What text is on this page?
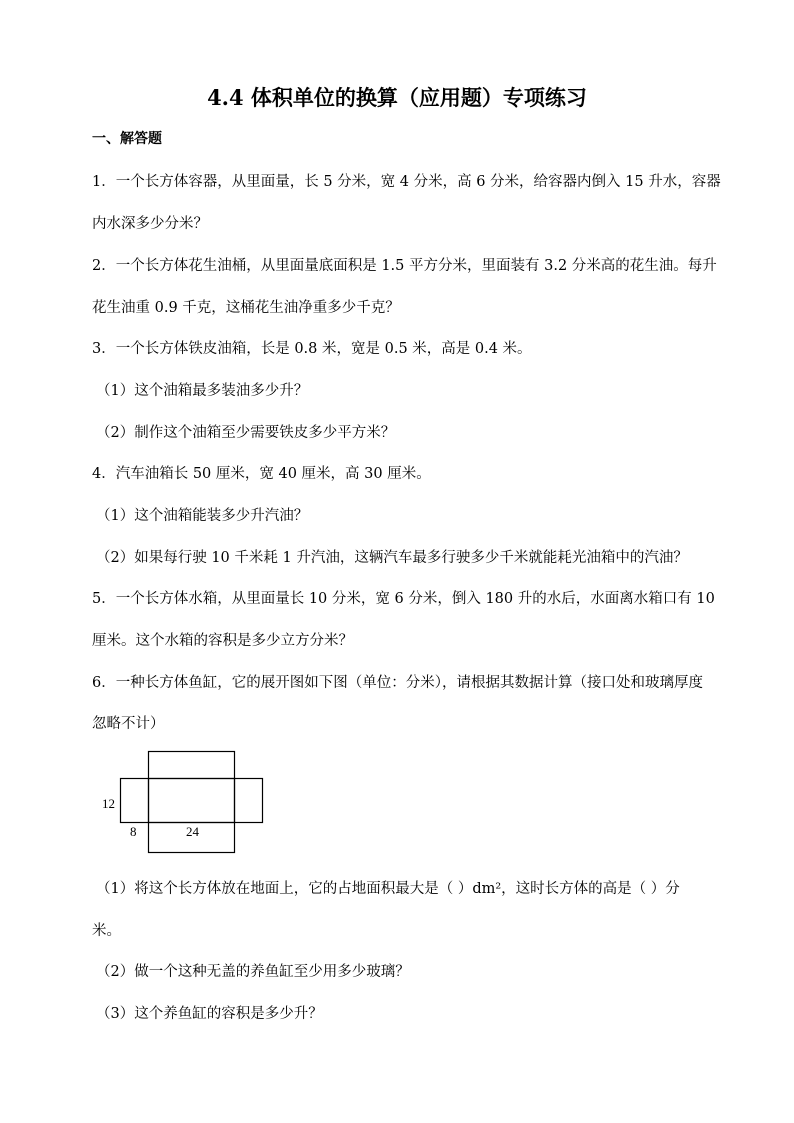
4.4 体积单位的换算（应用题）专项练习
一、解答题
1．一个长方体容器，从里面量，长 5 分米，宽 4 分米，高 6 分米，给容器内倒入 15 升水，容器
内水深多少分米？
2．一个长方体花生油桶，从里面量底面积是 1.5 平方分米，里面装有 3.2 分米高的花生油。每升
花生油重 0.9 千克，这桶花生油净重多少千克？
3．一个长方体铁皮油箱，长是 0.8 米，宽是 0.5 米，高是 0.4 米。
（1）这个油箱最多装油多少升？
（2）制作这个油箱至少需要铁皮多少平方米？
4．汽车油箱长 50 厘米，宽 40 厘米，高 30 厘米。
（1）这个油箱能装多少升汽油？
（2）如果每行驶 10 千米耗 1 升汽油，这辆汽车最多行驶多少千米就能耗光油箱中的汽油？
5．一个长方体水箱，从里面量长 10 分米，宽 6 分米，倒入 180 升的水后，水面离水箱口有 10
厘米。这个水箱的容积是多少立方分米？
6．一种长方体鱼缸，它的展开图如下图（单位：分米），请根据其数据计算（接口处和玻璃厚度
忽略不计）
12
8	24
（1）将这个长方体放在地面上，它的占地面积最大是（ ）dm²，这时长方体的高是（ ）分
米。
（2）做一个这种无盖的养鱼缸至少用多少玻璃？
（3）这个养鱼缸的容积是多少升？
